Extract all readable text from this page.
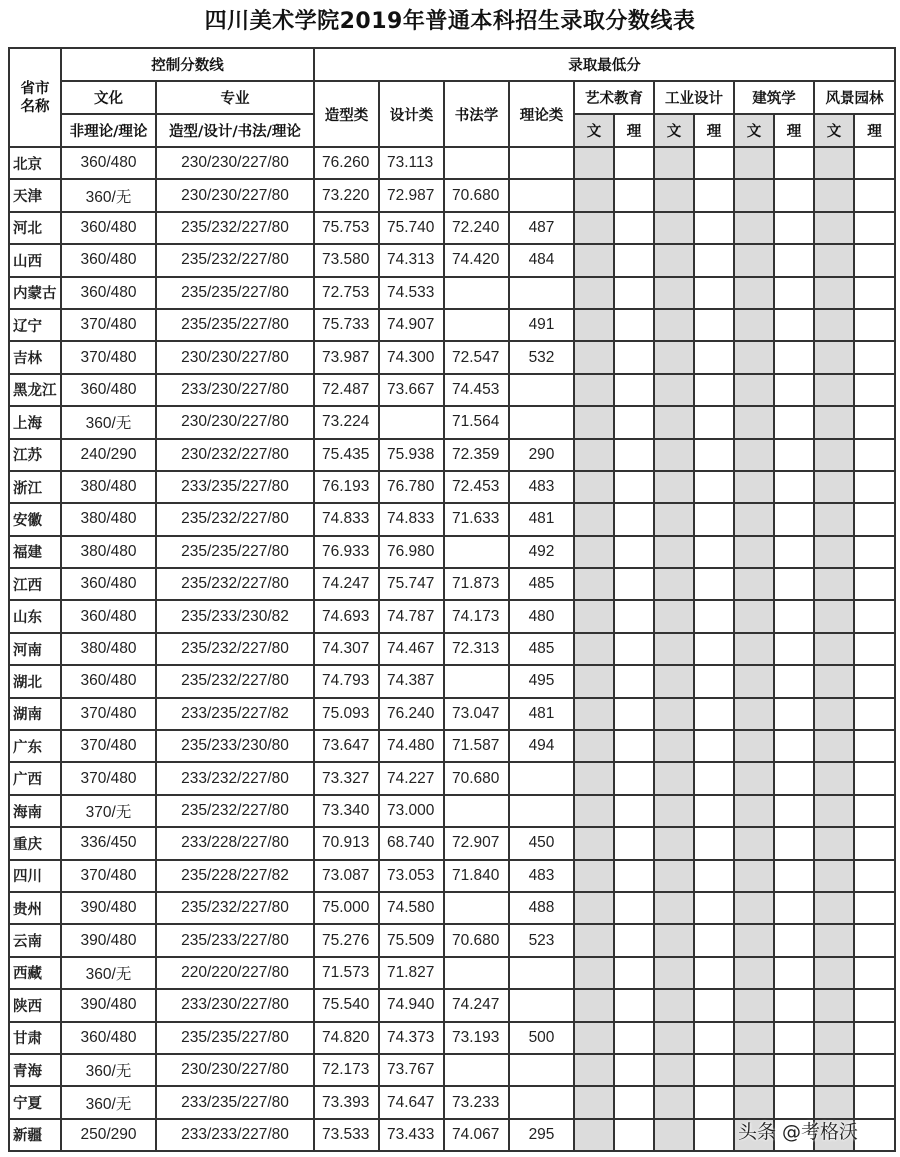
四川美术学院2019年普通本科招生录取分数线表
省市名称	控制分数线		录取最低分											
	文化	专业	造型类	设计类	书法学	理论类	艺术教育		工业设计		建筑学		风景园林	
	非理论/理论	造型/设计/书法/理论					文	理	文	理	文	理	文	理
北京	360/480	230/230/227/80	76.260	73.113										
天津	360/无	230/230/227/80	73.220	72.987	70.680									
河北	360/480	235/232/227/80	75.753	75.740	72.240	487								
山西	360/480	235/232/227/80	73.580	74.313	74.420	484								
内蒙古	360/480	235/235/227/80	72.753	74.533										
辽宁	370/480	235/235/227/80	75.733	74.907		491								
吉林	370/480	230/230/227/80	73.987	74.300	72.547	532								
黑龙江	360/480	233/230/227/80	72.487	73.667	74.453									
上海	360/无	230/230/227/80	73.224		71.564									
江苏	240/290	230/232/227/80	75.435	75.938	72.359	290								
浙江	380/480	233/235/227/80	76.193	76.780	72.453	483								
安徽	380/480	235/232/227/80	74.833	74.833	71.633	481								
福建	380/480	235/235/227/80	76.933	76.980		492								
江西	360/480	235/232/227/80	74.247	75.747	71.873	485								
山东	360/480	235/233/230/82	74.693	74.787	74.173	480								
河南	380/480	235/232/227/80	74.307	74.467	72.313	485								
湖北	360/480	235/232/227/80	74.793	74.387		495								
湖南	370/480	233/235/227/82	75.093	76.240	73.047	481								
广东	370/480	235/233/230/80	73.647	74.480	71.587	494								
广西	370/480	233/232/227/80	73.327	74.227	70.680									
海南	370/无	235/232/227/80	73.340	73.000										
重庆	336/450	233/228/227/80	70.913	68.740	72.907	450								
四川	370/480	235/228/227/82	73.087	73.053	71.840	483								
贵州	390/480	235/232/227/80	75.000	74.580		488								
云南	390/480	235/233/227/80	75.276	75.509	70.680	523								
西藏	360/无	220/220/227/80	71.573	71.827										
陕西	390/480	233/230/227/80	75.540	74.940	74.247									
甘肃	360/480	235/235/227/80	74.820	74.373	73.193	500								
青海	360/无	230/230/227/80	72.173	73.767										
宁夏	360/无	233/235/227/80	73.393	74.647	73.233									
新疆	250/290	233/233/227/80	73.533	73.433	74.067	295									头条 @考格沃
